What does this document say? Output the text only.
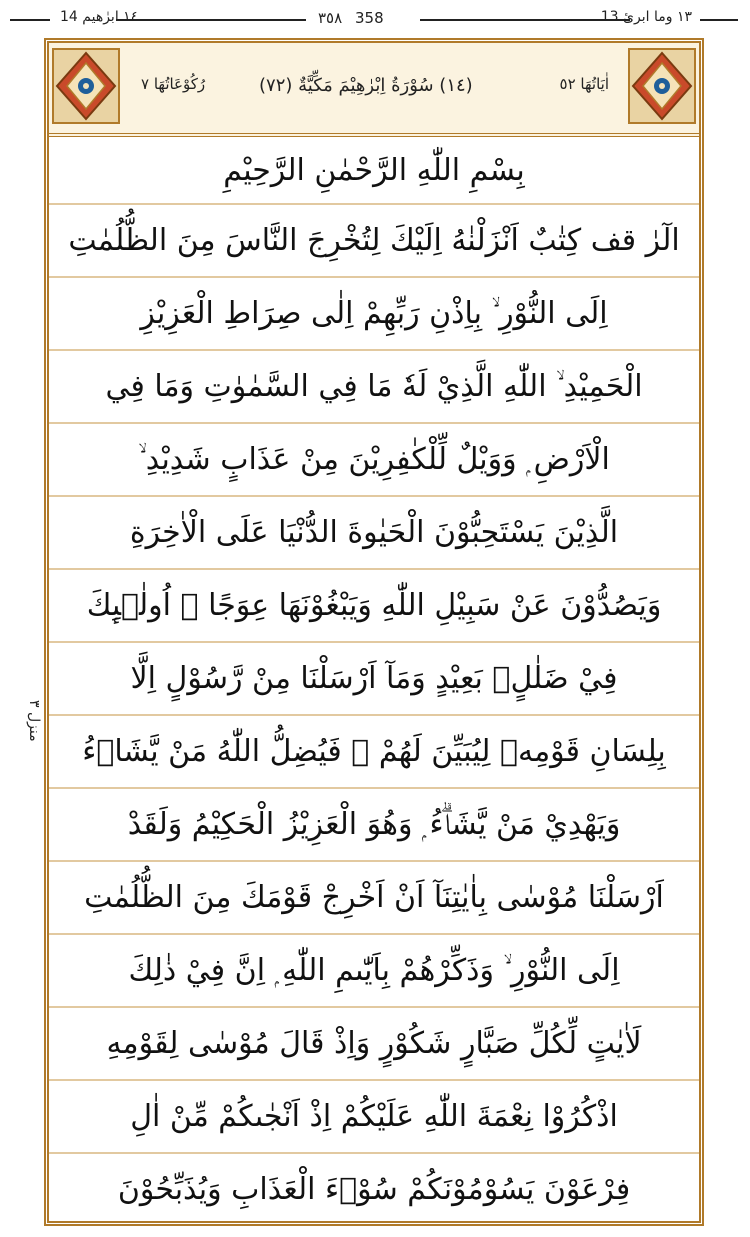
١٤ ابرٰهيم 14	٣٥٨ 358	١٣ وما ابرئ 13
منزل ٣
رُكُوْعَاتُهَا ٧	(١٤) سُوْرَةُ اِبْرٰهِيْمَ مَكِّيَّةٌ (٧٢)	اٰيَاتُهَا ٥٢
بِسْمِ اللّٰهِ الرَّحْمٰنِ الرَّحِيْمِ
الٓرٰ قف كِتٰبٌ اَنْزَلْنٰهُ اِلَيْكَ لِتُخْرِجَ النَّاسَ مِنَ الظُّلُمٰتِ
اِلَى النُّوْرِ ۙ بِاِذْنِ رَبِّهِمْ اِلٰى صِرَاطِ الْعَزِيْزِ
الْحَمِيْدِ ۙ اللّٰهِ الَّذِيْ لَهٗ مَا فِي السَّمٰوٰتِ وَمَا فِي
الْاَرْضِ ۭ وَوَيْلٌ لِّلْكٰفِرِيْنَ مِنْ عَذَابٍ شَدِيْدِ ۙ
الَّذِيْنَ يَسْتَحِبُّوْنَ الْحَيٰوةَ الدُّنْيَا عَلَى الْاٰخِرَةِ
وَيَصُدُّوْنَ عَنْ سَبِيْلِ اللّٰهِ وَيَبْغُوْنَهَا عِوَجًا ۭ اُولٰۗىِٕكَ
فِيْ ضَلٰلٍۢ بَعِيْدٍ وَمَآ اَرْسَلْنَا مِنْ رَّسُوْلٍ اِلَّا
بِلِسَانِ قَوْمِهٖ لِيُبَيِّنَ لَهُمْ ۭ فَيُضِلُّ اللّٰهُ مَنْ يَّشَاۗءُ
وَيَهْدِيْ مَنْ يَّشَاۗءُ ۭ وَهُوَ الْعَزِيْزُ الْحَكِيْمُ وَلَقَدْ
اَرْسَلْنَا مُوْسٰى بِاٰيٰتِنَآ اَنْ اَخْرِجْ قَوْمَكَ مِنَ الظُّلُمٰتِ
اِلَى النُّوْرِ ۙ وَذَكِّرْهُمْ بِاَيّٰىمِ اللّٰهِ ۭ اِنَّ فِيْ ذٰلِكَ
لَاٰيٰتٍ لِّكُلِّ صَبَّارٍ شَكُوْرٍ وَاِذْ قَالَ مُوْسٰى لِقَوْمِهِ
اذْكُرُوْا نِعْمَةَ اللّٰهِ عَلَيْكُمْ اِذْ اَنْجٰىكُمْ مِّنْ اٰلِ
فِرْعَوْنَ يَسُوْمُوْنَكُمْ سُوْۗءَ الْعَذَابِ وَيُذَبِّحُوْنَ
